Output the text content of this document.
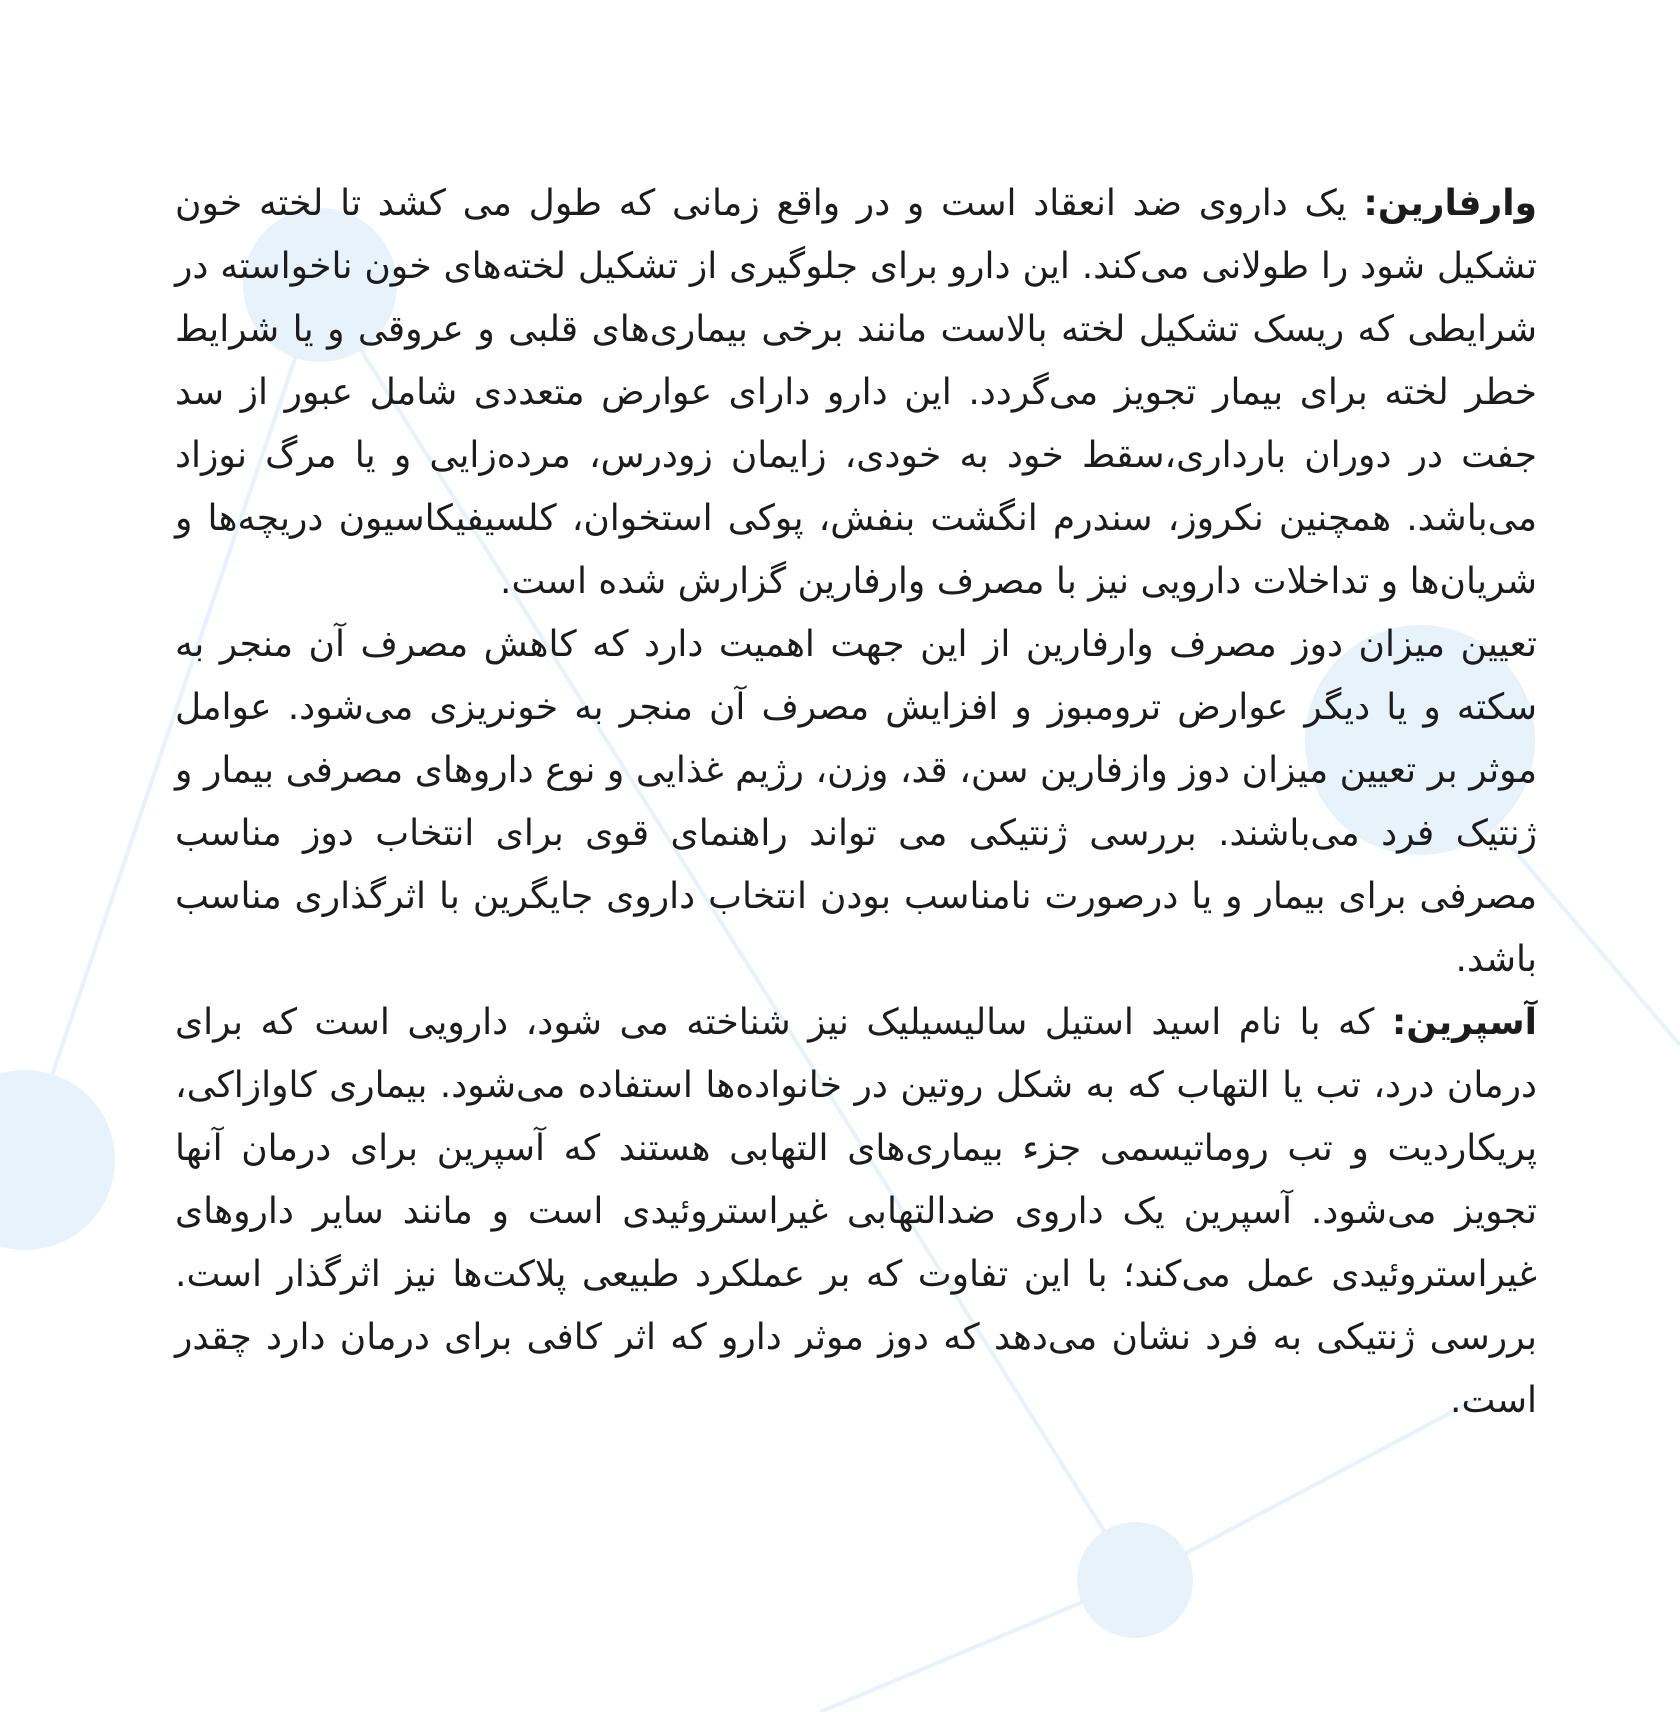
وارفارین: یک داروی ضد انعقاد است و در واقع زمانی که طول می کشد تا لخته خون تشکیل شود را طولانی می‌کند. این دارو برای جلوگیری از تشکیل لخته‌های خون ناخواسته در شرایطی که ریسک تشکیل لخته بالاست مانند برخی بیماری‌های قلبی و عروقی و یا شرایط خطر لخته برای بیمار تجویز می‌گردد. این دارو دارای عوارض متعددی شامل عبور از سد جفت در دوران بارداری،سقط خود به خودی، زایمان زودرس، مرده‌زایی و یا مرگ نوزاد می‌باشد. همچنین نکروز، سندرم انگشت بنفش، پوکی استخوان، کلسیفیکاسیون دریچه‌ها و شریان‌ها و تداخلات دارویی نیز با مصرف وارفارین گزارش شده است.

تعیین میزان دوز مصرف وارفارین از این جهت اهمیت دارد که کاهش مصرف آن منجر به سکته و یا دیگر عوارض ترومبوز و افزایش مصرف آن منجر به خونریزی می‌شود. عوامل موثر بر تعیین میزان دوز وازفارین سن، قد، وزن، رژیم غذایی و نوع داروهای مصرفی بیمار و ژنتیک فرد می‌باشند. بررسی ژنتیکی می تواند راهنمای قوی برای انتخاب دوز مناسب مصرفی برای بیمار و یا درصورت نامناسب بودن انتخاب داروی جایگرین با اثرگذاری مناسب باشد.

آسپرین: که با نام اسید استیل سالیسیلیک نیز شناخته می شود، دارویی است که برای درمان درد، تب یا التهاب که به شکل روتین در خانواده‌ها استفاده می‌شود. بیماری کاوازاکی، پریکاردیت و تب روماتیسمی جزء بیماری‌های التهابی هستند که آسپرین برای درمان آنها تجویز می‌شود. آسپرین یک داروی ضدالتهابی غیراستروئیدی است و مانند سایر داروهای غیراستروئیدی عمل می‌کند؛ با این تفاوت که بر عملکرد طبیعی پلاکت‌ها نیز اثرگذار است. بررسی ژنتیکی به فرد نشان می‌دهد که دوز موثر دارو که اثر کافی برای درمان دارد چقدر است.
